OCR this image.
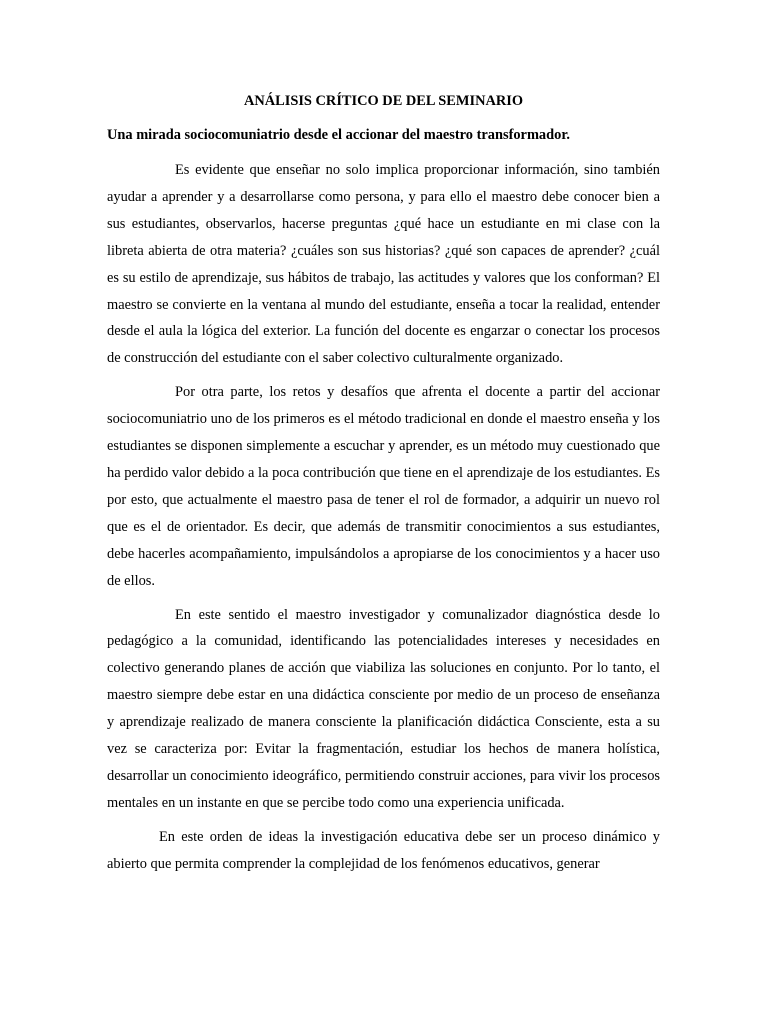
ANÁLISIS CRÍTICO DE DEL SEMINARIO
Una mirada sociocomuniatrio desde el accionar del maestro transformador.

Es evidente que enseñar no solo implica proporcionar información, sino también ayudar a aprender y a desarrollarse como persona, y para ello el maestro debe conocer bien a sus estudiantes, observarlos, hacerse preguntas ¿qué hace un estudiante en mi clase con la libreta abierta de otra materia? ¿cuáles son sus historias? ¿qué son capaces de aprender? ¿cuál es su estilo de aprendizaje, sus hábitos de trabajo, las actitudes y valores que los conforman? El maestro se convierte en la ventana al mundo del estudiante, enseña a tocar la realidad, entender desde el aula la lógica del exterior. La función del docente es engarzar o conectar los procesos de construcción del estudiante con el saber colectivo culturalmente organizado.

Por otra parte, los retos y desafíos que afrenta el docente a partir del accionar sociocomuniatrio uno de los primeros es el método tradicional en donde el maestro enseña y los estudiantes se disponen simplemente a escuchar y aprender, es un método muy cuestionado que ha perdido valor debido a la poca contribución que tiene en el aprendizaje de los estudiantes. Es por esto, que actualmente el maestro pasa de tener el rol de formador, a adquirir un nuevo rol que es el de orientador. Es decir, que además de transmitir conocimientos a sus estudiantes, debe hacerles acompañamiento, impulsándolos a apropiarse de los conocimientos y a hacer uso de ellos.

En este sentido el maestro investigador y comunalizador diagnóstica desde lo pedagógico a la comunidad, identificando las potencialidades intereses y necesidades en colectivo generando planes de acción que viabiliza las soluciones en conjunto. Por lo tanto, el maestro siempre debe estar en una didáctica consciente por medio de un proceso de enseñanza y aprendizaje realizado de manera consciente la planificación didáctica Consciente, esta a su vez se caracteriza por: Evitar la fragmentación, estudiar los hechos de manera holística, desarrollar un conocimiento ideográfico, permitiendo construir acciones, para vivir los procesos mentales en un instante en que se percibe todo como una experiencia unificada.

En este orden de ideas la investigación educativa debe ser un proceso dinámico y abierto que permita comprender la complejidad de los fenómenos educativos, generar
